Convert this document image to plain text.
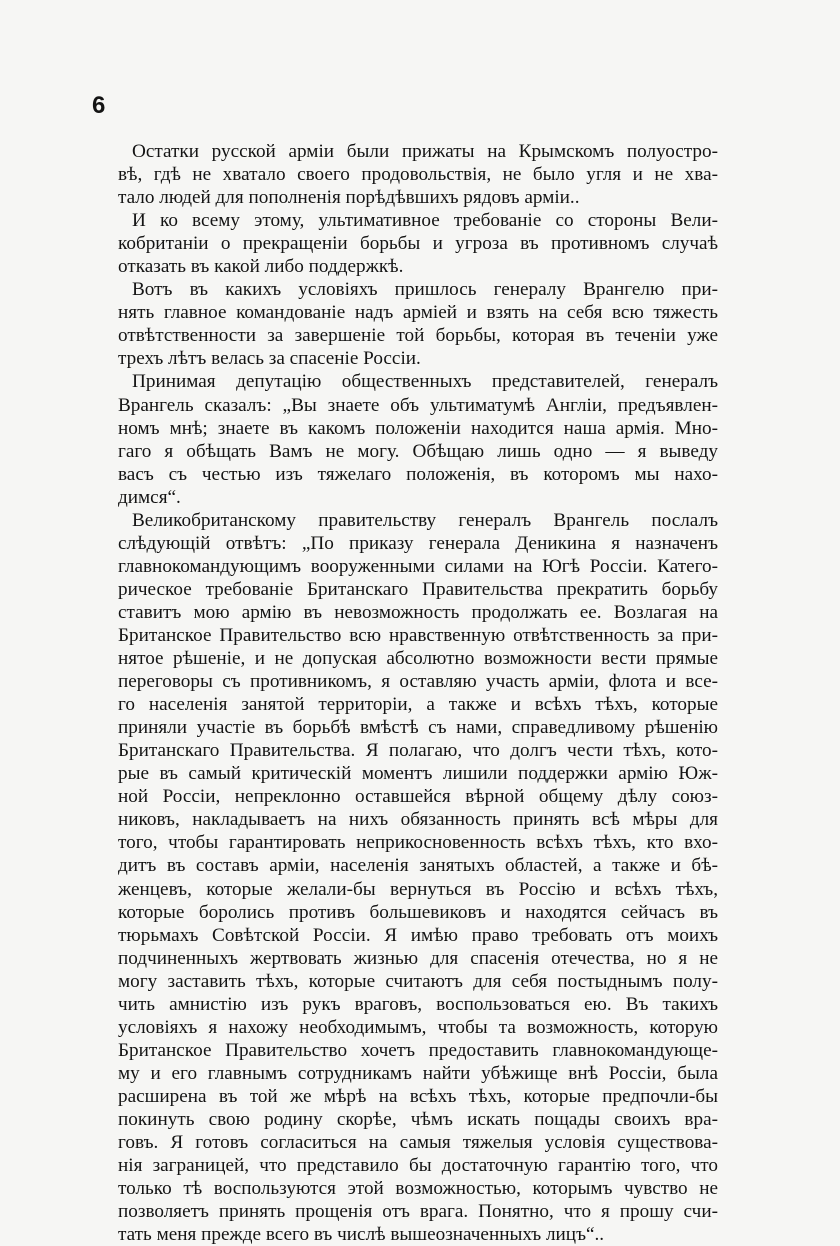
6
Остатки русской арміи были прижаты на Крымскомъ полуостро-
вѣ, гдѣ не хватало своего продовольствія, не было угля и не хва-
тало людей для пополненія порѣдѣвшихъ рядовъ арміи..
И ко всему этому, ультимативное требованіе со стороны Вели-
кобританіи о прекращеніи борьбы и угроза въ противномъ случаѣ
отказать въ какой либо поддержкѣ.
Вотъ въ какихъ условіяхъ пришлось генералу Врангелю при-
нять главное командованіе надъ арміей и взять на себя всю тяжесть
отвѣтственности за завершеніе той борьбы, которая въ теченіи уже
трехъ лѣтъ велась за спасеніе Россіи.
Принимая депутацію общественныхъ представителей, генералъ
Врангель сказалъ: „Вы знаете объ ультиматумѣ Англіи, предъявлен-
номъ мнѣ; знаете въ какомъ положеніи находится наша армія. Мно-
гаго я обѣщать Вамъ не могу. Обѣщаю лишь одно — я выведу
васъ съ честью изъ тяжелаго положенія, въ которомъ мы нахо-
димся“.
Великобританскому правительству генералъ Врангель послалъ
слѣдующій отвѣтъ: „По приказу генерала Деникина я назначенъ
главнокомандующимъ вооруженными силами на Югѣ Россіи. Катего-
рическое требованіе Британскаго Правительства прекратить борьбу
ставитъ мою армію въ невозможность продолжать ее. Возлагая на
Британское Правительство всю нравственную отвѣтственность за при-
нятое рѣшеніе, и не допуская абсолютно возможности вести прямые
переговоры съ противникомъ, я оставляю участь арміи, флота и все-
го населенія занятой территоріи, а также и всѣхъ тѣхъ, которые
приняли участіе въ борьбѣ вмѣстѣ съ нами, справедливому рѣшенію
Британскаго Правительства. Я полагаю, что долгъ чести тѣхъ, кото-
рые въ самый критическій моментъ лишили поддержки армію Юж-
ной Россіи, непреклонно оставшейся вѣрной общему дѣлу союз-
никовъ, накладываетъ на нихъ обязанность принять всѣ мѣры для
того, чтобы гарантировать неприкосновенность всѣхъ тѣхъ, кто вхо-
дитъ въ составъ арміи, населенія занятыхъ областей, а также и бѣ-
женцевъ, которые желали-бы вернуться въ Россію и всѣхъ тѣхъ,
которые боролись противъ большевиковъ и находятся сейчасъ въ
тюрьмахъ Совѣтской Россіи. Я имѣю право требовать отъ моихъ
подчиненныхъ жертвовать жизнью для спасенія отечества, но я не
могу заставить тѣхъ, которые считаютъ для себя постыднымъ полу-
чить амнистію изъ рукъ враговъ, воспользоваться ею. Въ такихъ
условіяхъ я нахожу необходимымъ, чтобы та возможность, которую
Британское Правительство хочетъ предоставить главнокомандующе-
му и его главнымъ сотрудникамъ найти убѣжище внѣ Россіи, была
расширена въ той же мѣрѣ на всѣхъ тѣхъ, которые предпочли-бы
покинуть свою родину скорѣе, чѣмъ искать пощады своихъ вра-
говъ. Я готовъ согласиться на самыя тяжелыя условія существова-
нія заграницей, что представило бы достаточную гарантію того, что
только тѣ воспользуются этой возможностью, которымъ чувство не
позволяетъ принять прощенія отъ врага. Понятно, что я прошу счи-
тать меня прежде всего въ числѣ вышеозначенныхъ лицъ“..
